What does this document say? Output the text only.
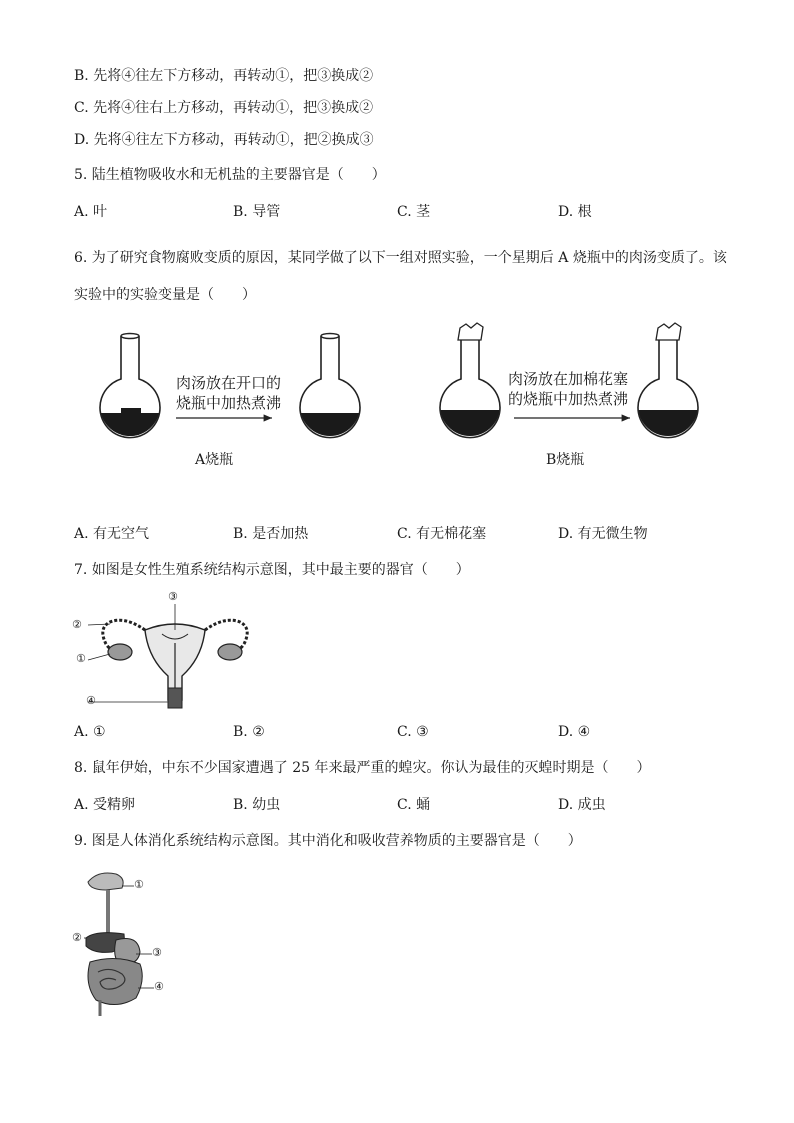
B. 先将④往左下方移动，再转动①，把③换成②
C. 先将④往右上方移动，再转动①，把③换成②
D. 先将④往左下方移动，再转动①，把②换成③
5. 陆生植物吸收水和无机盐的主要器官是（　　）
A. 叶	B. 导管	C. 茎	D. 根
6. 为了研究食物腐败变质的原因，某同学做了以下一组对照实验，一个星期后 A 烧瓶中的肉汤变质了。该
实验中的实验变量是（　　）
肉汤放在开口的
烧瓶中加热煮沸
A烧瓶
肉汤放在加棉花塞
的烧瓶中加热煮沸
B烧瓶
A. 有无空气	B. 是否加热	C. 有无棉花塞	D. 有无微生物
7. 如图是女性生殖系统结构示意图，其中最主要的器官（　　）
②
①
③
④
A. ①	B. ②	C. ③	D. ④
8. 鼠年伊始，中东不少国家遭遇了 25 年来最严重的蝗灾。你认为最佳的灭蝗时期是（　　）
A. 受精卵	B. 幼虫	C. 蛹	D. 成虫
9. 图是人体消化系统结构示意图。其中消化和吸收营养物质的主要器官是（　　）
①
②
③
④
